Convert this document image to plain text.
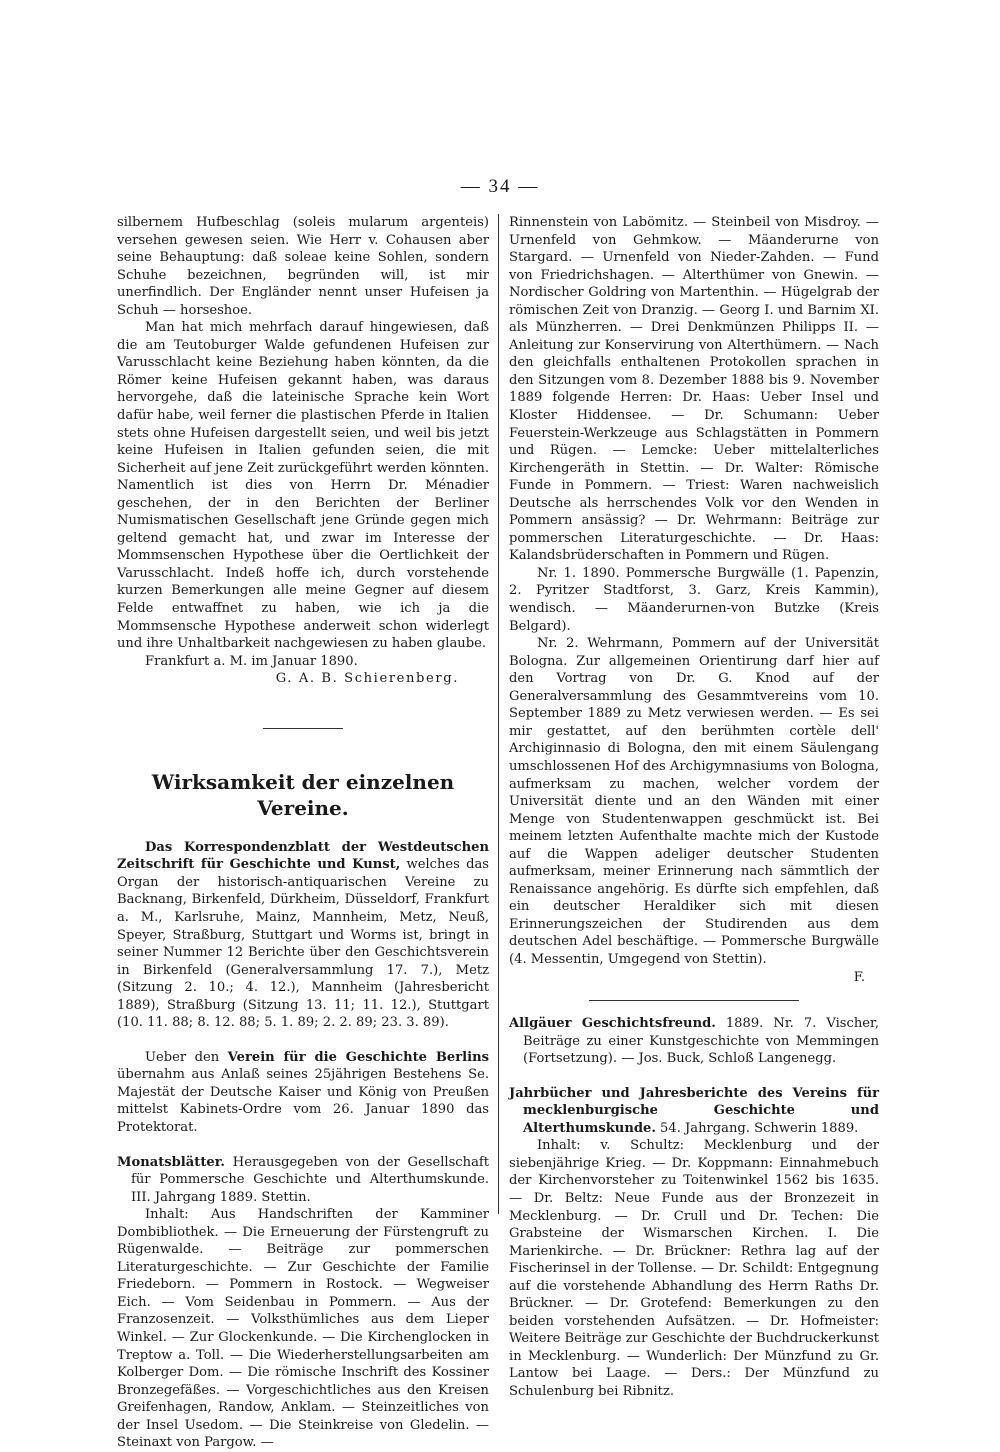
— 34 —

silbernem Hufbeschlag (soleis mularum argenteis) versehen gewesen seien. Wie Herr v. Cohausen aber seine Behauptung: daß soleae keine Sohlen, sondern Schuhe bezeichnen, begründen will, ist mir unerfindlich. Der Engländer nennt unser Hufeisen ja Schuh — horseshoe.

Man hat mich mehrfach darauf hingewiesen, daß die am Teutoburger Walde gefundenen Hufeisen zur Varusschlacht keine Beziehung haben könnten, da die Römer keine Hufeisen gekannt haben, was daraus hervorgehe, daß die lateinische Sprache kein Wort dafür habe, weil ferner die plastischen Pferde in Italien stets ohne Hufeisen dargestellt seien, und weil bis jetzt keine Hufeisen in Italien gefunden seien, die mit Sicherheit auf jene Zeit zurückgeführt werden könnten. Namentlich ist dies von Herrn Dr. Ménadier geschehen, der in den Berichten der Berliner Numismatischen Gesellschaft jene Gründe gegen mich geltend gemacht hat, und zwar im Interesse der Mommsenschen Hypothese über die Oertlichkeit der Varusschlacht. Indeß hoffe ich, durch vorstehende kurzen Bemerkungen alle meine Gegner auf diesem Felde entwaffnet zu haben, wie ich ja die Mommsensche Hypothese anderweit schon widerlegt und ihre Unhaltbarkeit nachgewiesen zu haben glaube.

Frankfurt a. M. im Januar 1890.

G. A. B. Schierenberg.

Wirksamkeit der einzelnen Vereine.

Das Korrespondenzblatt der Westdeutschen Zeitschrift für Geschichte und Kunst, welches das Organ der historisch-antiquarischen Vereine zu Backnang, Birkenfeld, Dürkheim, Düsseldorf, Frankfurt a. M., Karlsruhe, Mainz, Mannheim, Metz, Neuß, Speyer, Straßburg, Stuttgart und Worms ist, bringt in seiner Nummer 12 Berichte über den Geschichtsverein in Birkenfeld (Generalversammlung 17. 7.), Metz (Sitzung 2. 10.; 4. 12.), Mannheim (Jahresbericht 1889), Straßburg (Sitzung 13. 11; 11. 12.), Stuttgart (10. 11. 88; 8. 12. 88; 5. 1. 89; 2. 2. 89; 23. 3. 89).

Ueber den Verein für die Geschichte Berlins übernahm aus Anlaß seines 25jährigen Bestehens Se. Majestät der Deutsche Kaiser und König von Preußen mittelst Kabinets-Ordre vom 26. Januar 1890 das Protektorat.

Monatsblätter. Herausgegeben von der Gesellschaft für Pommersche Geschichte und Alterthumskunde. III. Jahrgang 1889. Stettin.

Inhalt: Aus Handschriften der Kamminer Dombibliothek. — Die Erneuerung der Fürstengruft zu Rügenwalde. — Beiträge zur pommerschen Literaturgeschichte. — Zur Geschichte der Familie Friedeborn. — Pommern in Rostock. — Wegweiser Eich. — Vom Seidenbau in Pommern. — Aus der Franzosenzeit. — Volksthümliches aus dem Lieper Winkel. — Zur Glockenkunde. — Die Kirchenglocken in Treptow a. Toll. — Die Wiederherstellungsarbeiten am Kolberger Dom. — Die römische Inschrift des Kossiner Bronzegefäßes. — Vorgeschichtliches aus den Kreisen Greifenhagen, Randow, Anklam. — Steinzeitliches von der Insel Usedom. — Die Steinkreise von Gledelin. — Steinaxt von Pargow. —

Rinnenstein von Labömitz. — Steinbeil von Misdroy. — Urnenfeld von Gehmkow. — Mäanderurne von Stargard. — Urnenfeld von Nieder-Zahden. — Fund von Friedrichshagen. — Alterthümer von Gnewin. — Nordischer Goldring von Martenthin. — Hügelgrab der römischen Zeit von Dranzig. — Georg I. und Barnim XI. als Münzherren. — Drei Denkmünzen Philipps II. — Anleitung zur Konservirung von Alterthümern. — Nach den gleichfalls enthaltenen Protokollen sprachen in den Sitzungen vom 8. Dezember 1888 bis 9. November 1889 folgende Herren: Dr. Haas: Ueber Insel und Kloster Hiddensee. — Dr. Schumann: Ueber Feuerstein-Werkzeuge aus Schlagstätten in Pommern und Rügen. — Lemcke: Ueber mittelalterliches Kirchengeräth in Stettin. — Dr. Walter: Römische Funde in Pommern. — Triest: Waren nachweislich Deutsche als herrschendes Volk vor den Wenden in Pommern ansässig? — Dr. Wehrmann: Beiträge zur pommerschen Literaturgeschichte. — Dr. Haas: Kalandsbrüderschaften in Pommern und Rügen.

Nr. 1. 1890. Pommersche Burgwälle (1. Papenzin, 2. Pyritzer Stadtforst, 3. Garz, Kreis Kammin), wendisch. — Mäanderurnen-von Butzke (Kreis Belgard).

Nr. 2. Wehrmann, Pommern auf der Universität Bologna. Zur allgemeinen Orientirung darf hier auf den Vortrag von Dr. G. Knod auf der Generalversammlung des Gesammtvereins vom 10. September 1889 zu Metz verwiesen werden. — Es sei mir gestattet, auf den berühmten cortèle dell' Archiginnasio di Bologna, den mit einem Säulengang umschlossenen Hof des Archigymnasiums von Bologna, aufmerksam zu machen, welcher vordem der Universität diente und an den Wänden mit einer Menge von Studentenwappen geschmückt ist. Bei meinem letzten Aufenthalte machte mich der Kustode auf die Wappen adeliger deutscher Studenten aufmerksam, meiner Erinnerung nach sämmtlich der Renaissance angehörig. Es dürfte sich empfehlen, daß ein deutscher Heraldiker sich mit diesen Erinnerungszeichen der Studirenden aus dem deutschen Adel beschäftige. — Pommersche Burgwälle (4. Messentin, Umgegend von Stettin).

F.

Allgäuer Geschichtsfreund. 1889. Nr. 7. Vischer, Beiträge zu einer Kunstgeschichte von Memmingen (Fortsetzung). — Jos. Buck, Schloß Langenegg.

Jahrbücher und Jahresberichte des Vereins für mecklenburgische Geschichte und Alterthumskunde. 54. Jahrgang. Schwerin 1889.

Inhalt: v. Schultz: Mecklenburg und der siebenjährige Krieg. — Dr. Koppmann: Einnahmebuch der Kirchenvorsteher zu Toitenwinkel 1562 bis 1635. — Dr. Beltz: Neue Funde aus der Bronzezeit in Mecklenburg. — Dr. Crull und Dr. Techen: Die Grabsteine der Wismarschen Kirchen. I. Die Marienkirche. — Dr. Brückner: Rethra lag auf der Fischerinsel in der Tollense. — Dr. Schildt: Entgegnung auf die vorstehende Abhandlung des Herrn Raths Dr. Brückner. — Dr. Grotefend: Bemerkungen zu den beiden vorstehenden Aufsätzen. — Dr. Hofmeister: Weitere Beiträge zur Geschichte der Buchdruckerkunst in Mecklenburg. — Wunderlich: Der Münzfund zu Gr. Lantow bei Laage. — Ders.: Der Münzfund zu Schulenburg bei Ribnitz.
